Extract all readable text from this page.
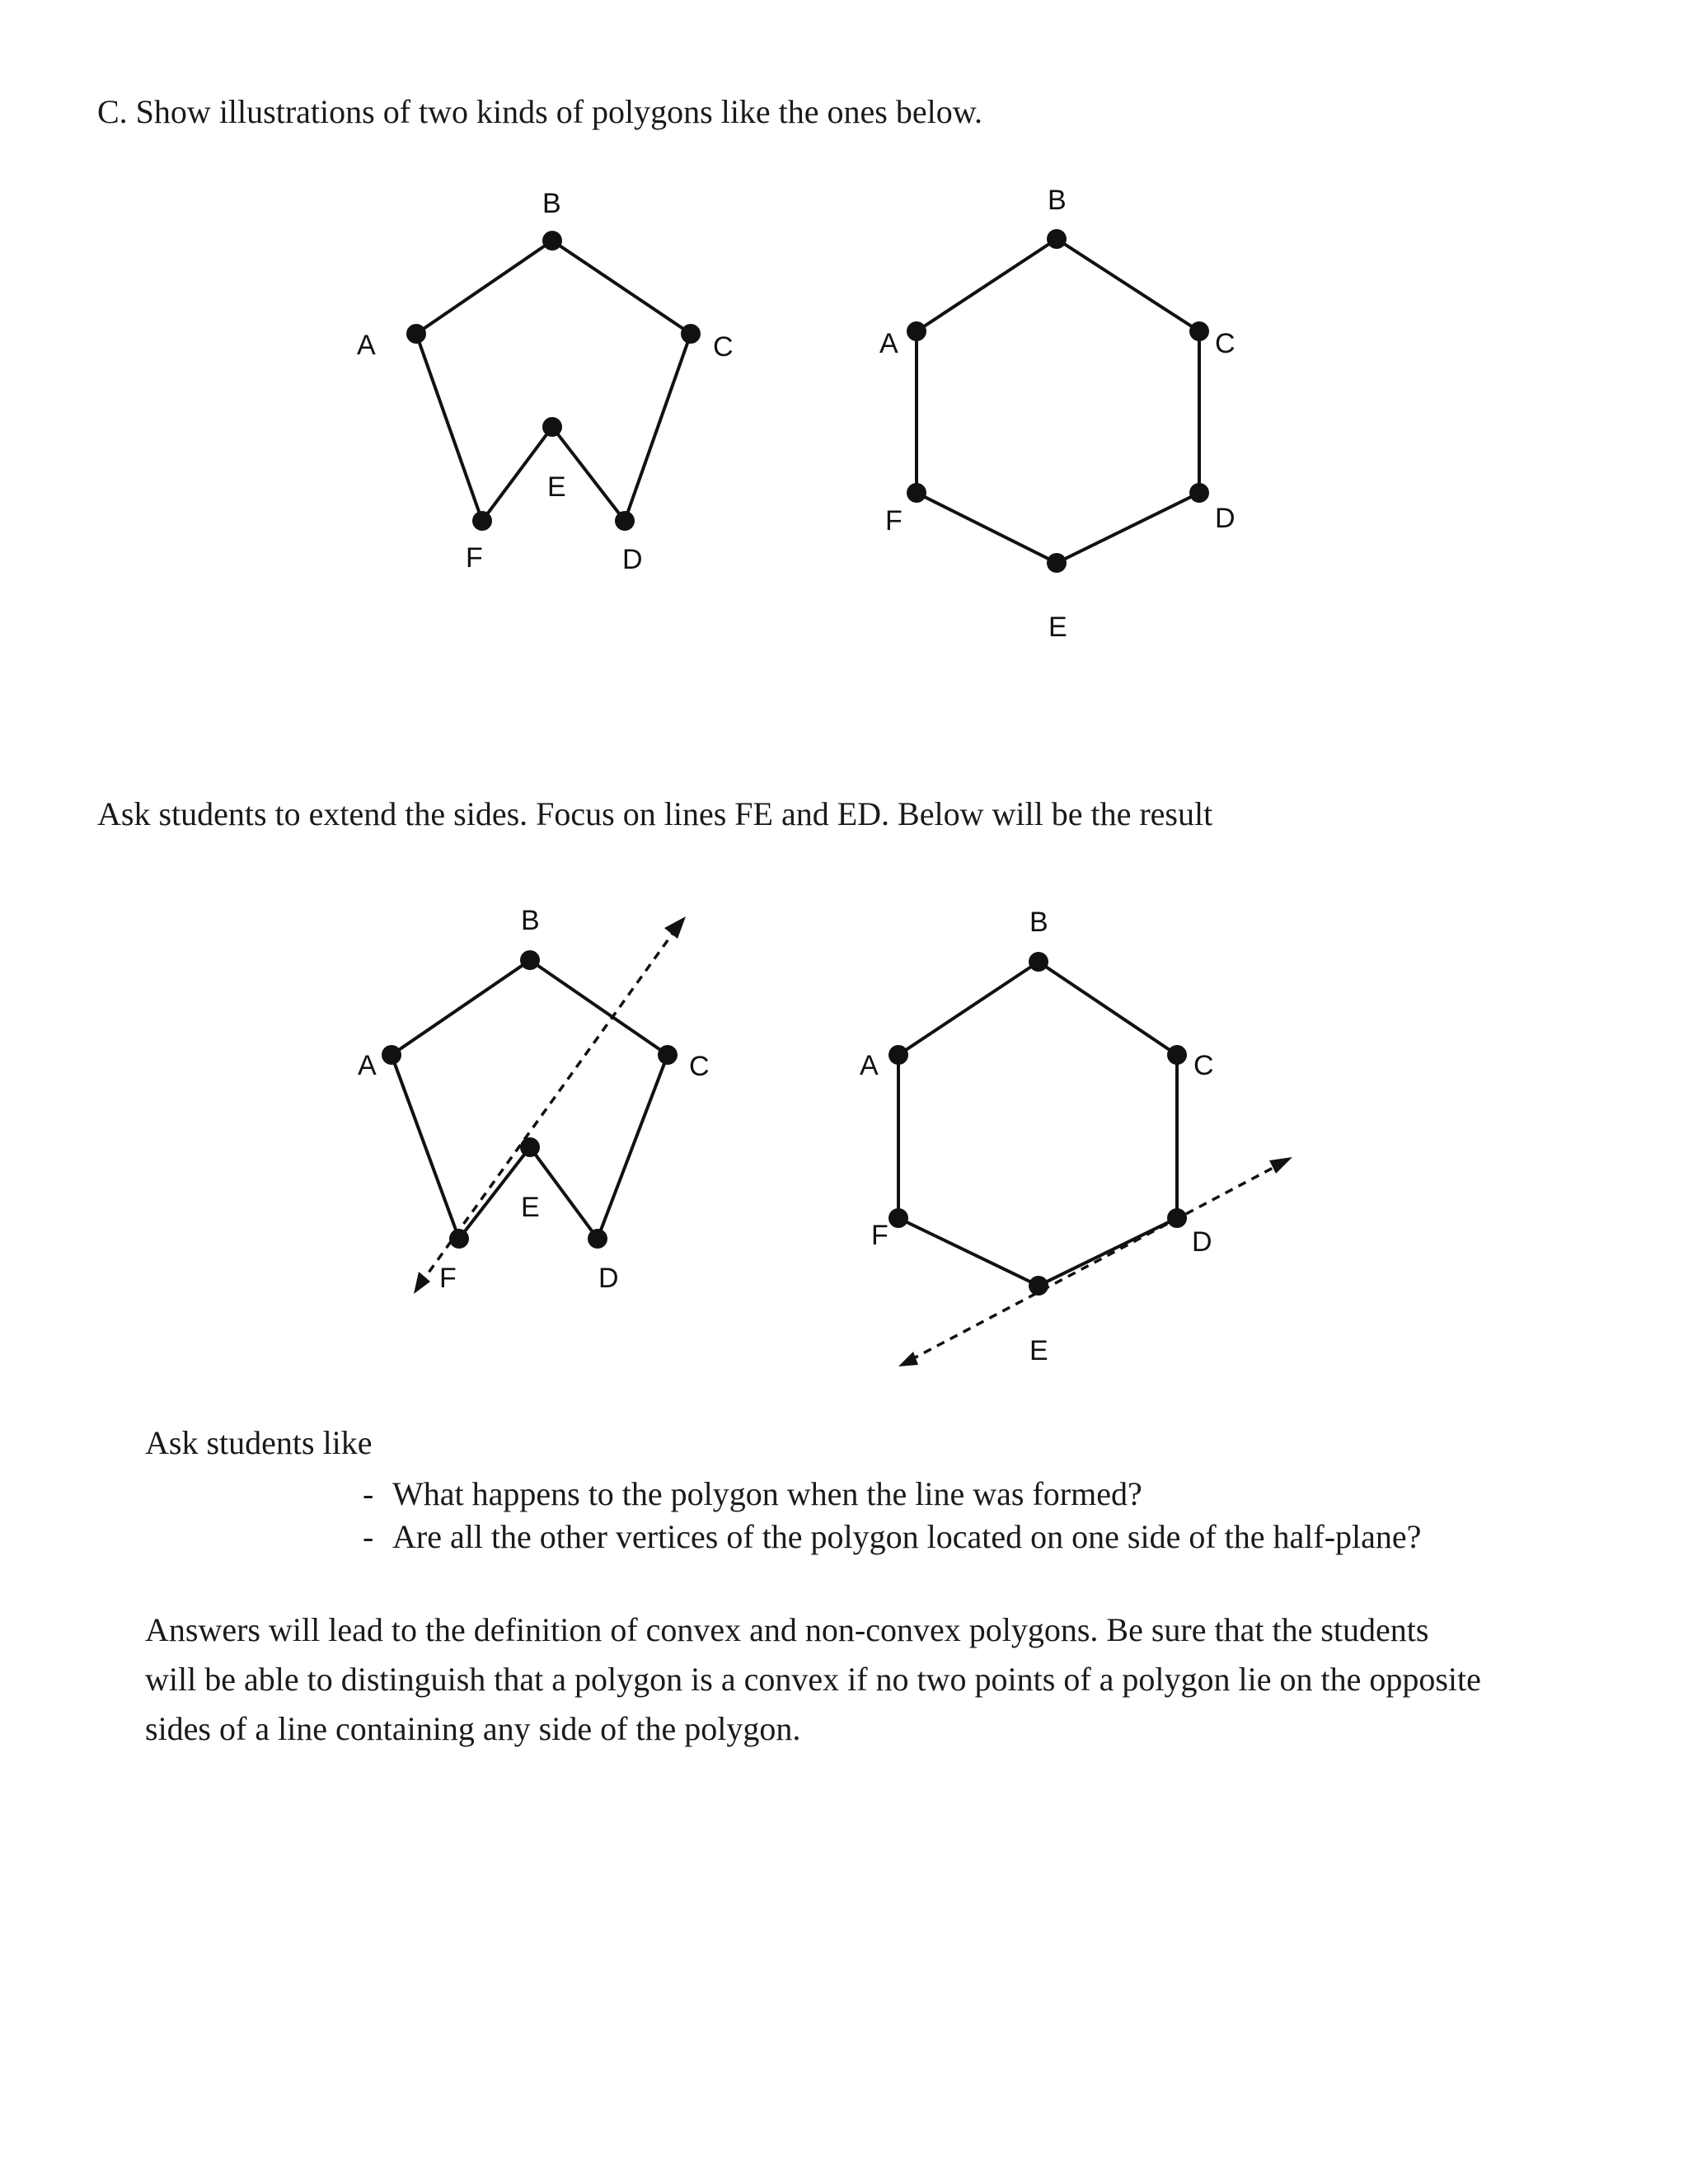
C. Show illustrations of two kinds of polygons like the ones below.

A
B
C
D
E
F
A
B
C
D
E
F
A
B
C
D
E
F
A
B
C
D
E
F

Ask students to extend the sides. Focus on lines FE and ED. Below will be the result

Ask students like

- What happens to the polygon when the line was formed?
- Are all the other vertices of the polygon located on one side of the half-plane?
Answers will lead to the definition of convex and non-convex polygons. Be sure that the students
will be able to distinguish that a polygon is a convex if no two points of a polygon lie on the opposite
sides of a line containing any side of the polygon.
